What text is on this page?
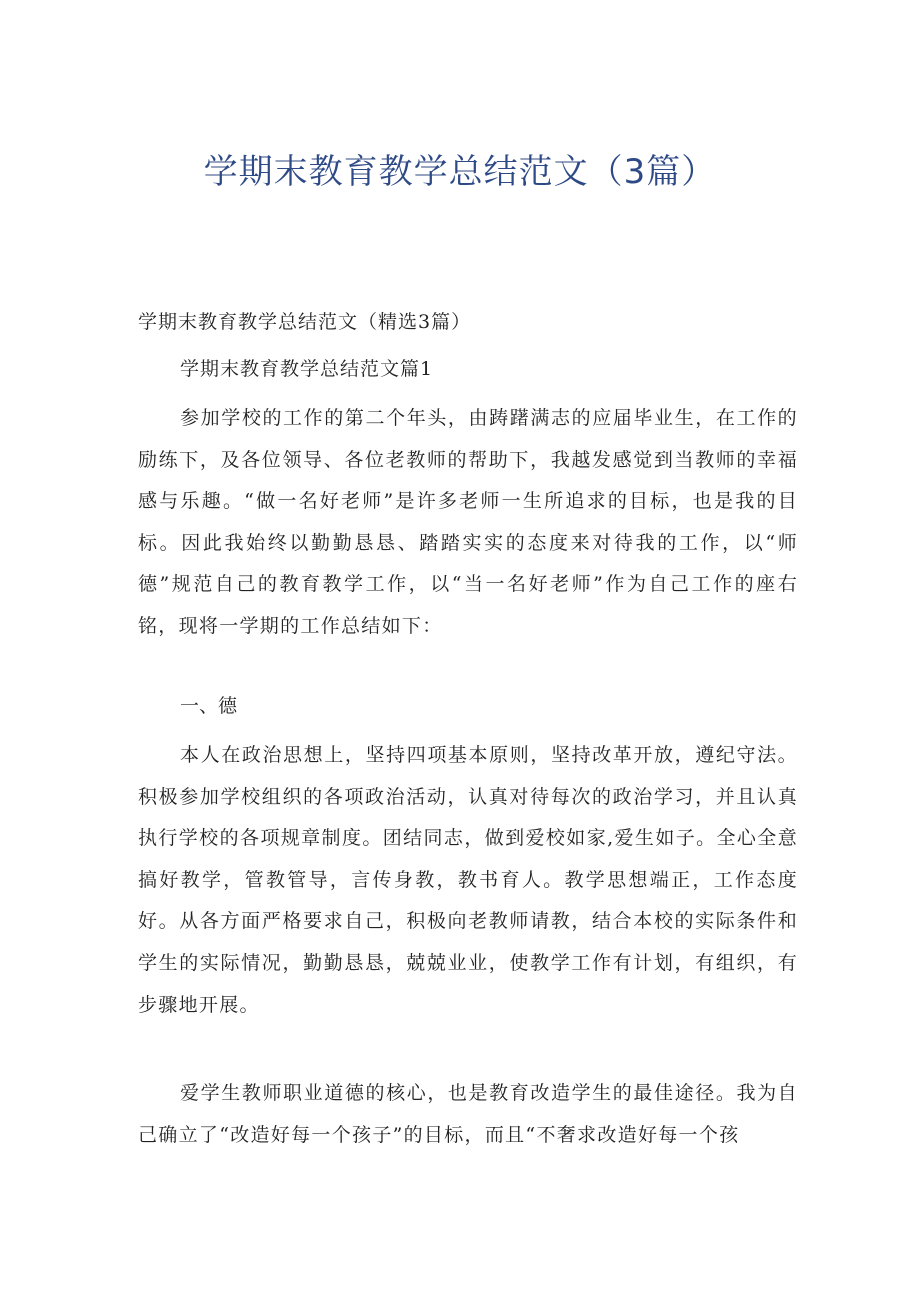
学期末教育教学总结范文（3篇）
学期末教育教学总结范文（精选3篇）
学期末教育教学总结范文篇1

参加学校的工作的第二个年头，由踌躇满志的应届毕业生，在工作的励练下，及各位领导、各位老教师的帮助下，我越发感觉到当教师的幸福感与乐趣。“做一名好老师”是许多老师一生所追求的目标，也是我的目标。因此我始终以勤勤恳恳、踏踏实实的态度来对待我的工作，以“师德”规范自己的教育教学工作，以“当一名好老师”作为自己工作的座右铭，现将一学期的工作总结如下：

一、德

本人在政治思想上，坚持四项基本原则，坚持改革开放，遵纪守法。积极参加学校组织的各项政治活动，认真对待每次的政治学习，并且认真执行学校的各项规章制度。团结同志，做到爱校如家,爱生如子。全心全意搞好教学，管教管导，言传身教，教书育人。教学思想端正，工作态度好。从各方面严格要求自己，积极向老教师请教，结合本校的实际条件和学生的实际情况，勤勤恳恳，兢兢业业，使教学工作有计划，有组织，有步骤地开展。

爱学生教师职业道德的核心，也是教育改造学生的最佳途径。我为自己确立了“改造好每一个孩子”的目标，而且“不奢求改造好每一个孩
